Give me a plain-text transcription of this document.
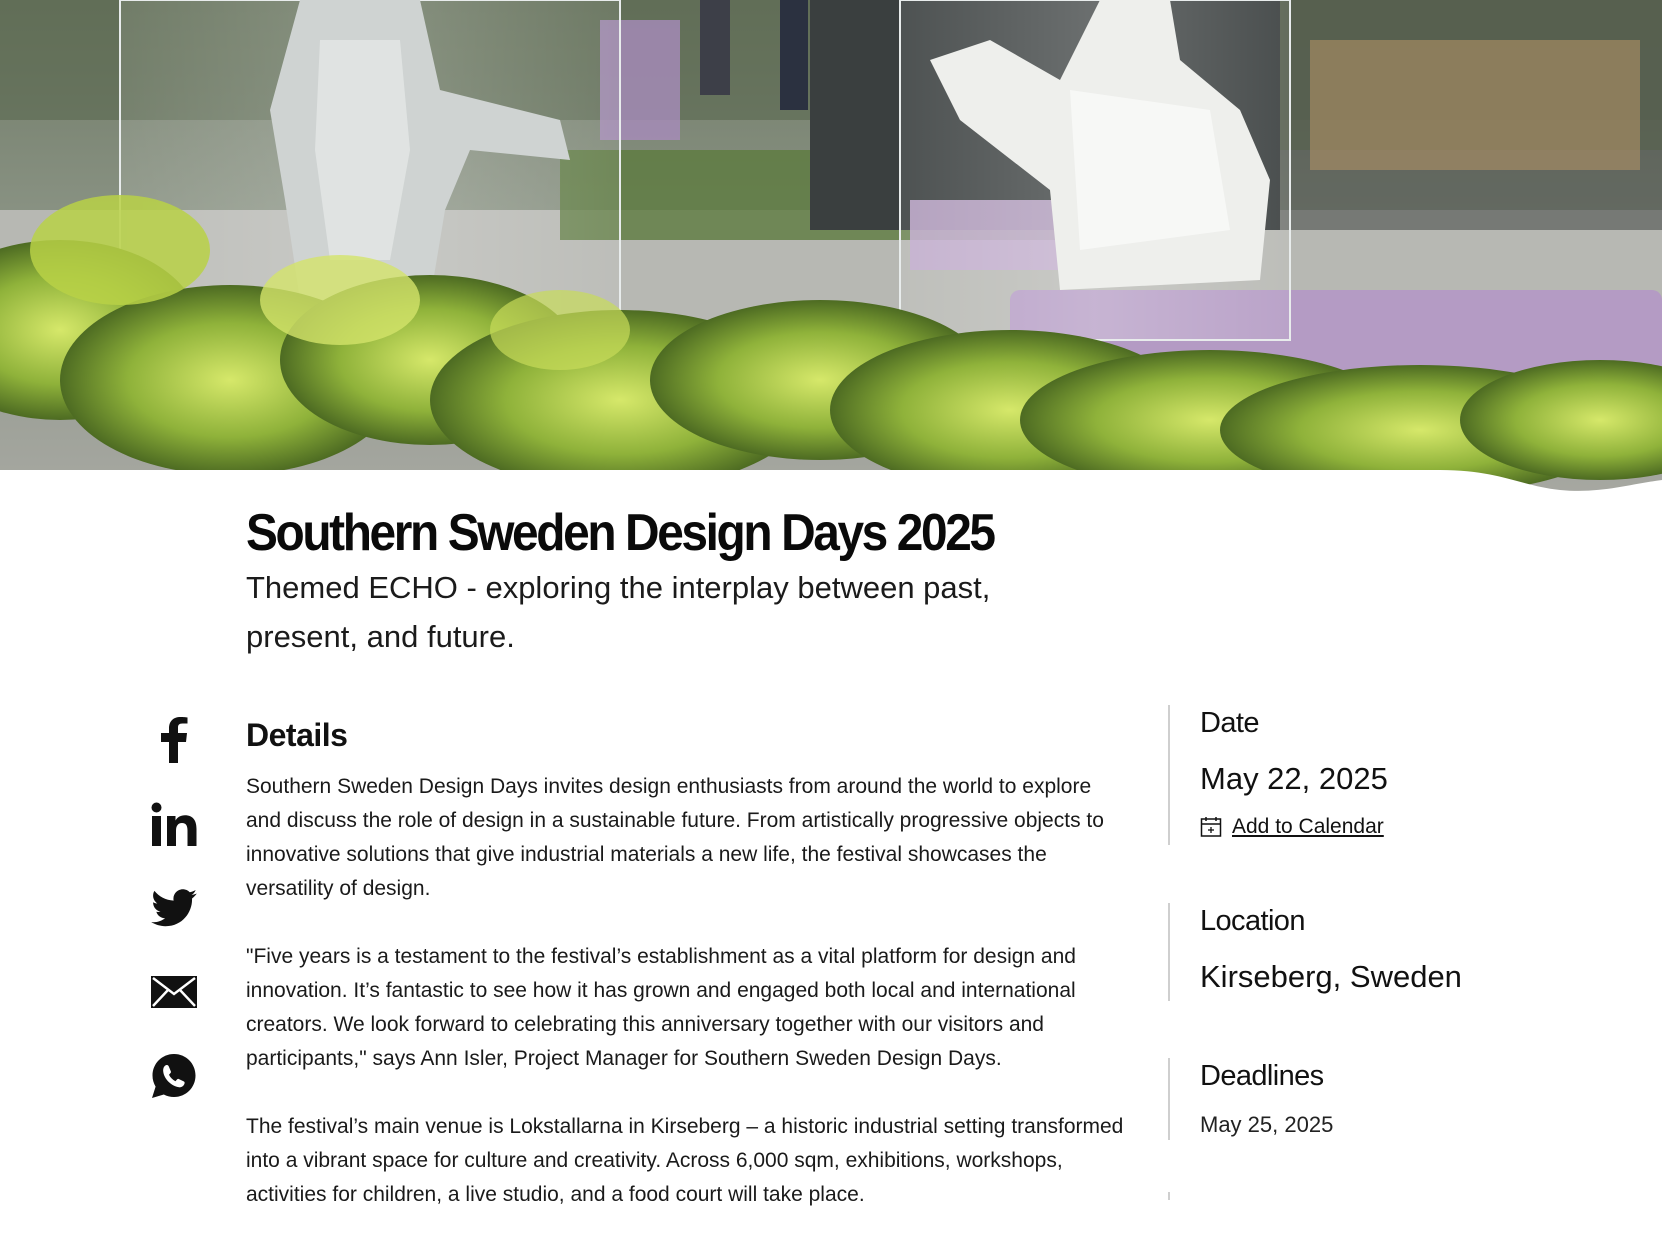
Southern Sweden Design Days 2025

Themed ECHO - exploring the interplay between past, present, and future.

Details

Southern Sweden Design Days invites design enthusiasts from around the world to explore and discuss the role of design in a sustainable future. From artistically progressive objects to innovative solutions that give industrial materials a new life, the festival showcases the versatility of design.

"Five years is a testament to the festival’s establishment as a vital platform for design and innovation. It’s fantastic to see how it has grown and engaged both local and international creators. We look forward to celebrating this anniversary together with our visitors and participants," says Ann Isler, Project Manager for Southern Sweden Design Days.

The festival’s main venue is Lokstallarna in Kirseberg – a historic industrial setting transformed into a vibrant space for culture and creativity. Across 6,000 sqm, exhibitions, workshops, activities for children, a live studio, and a food court will take place.

Date

May 22, 2025

Add to Calendar

Location

Kirseberg, Sweden

Deadlines

May 25, 2025
